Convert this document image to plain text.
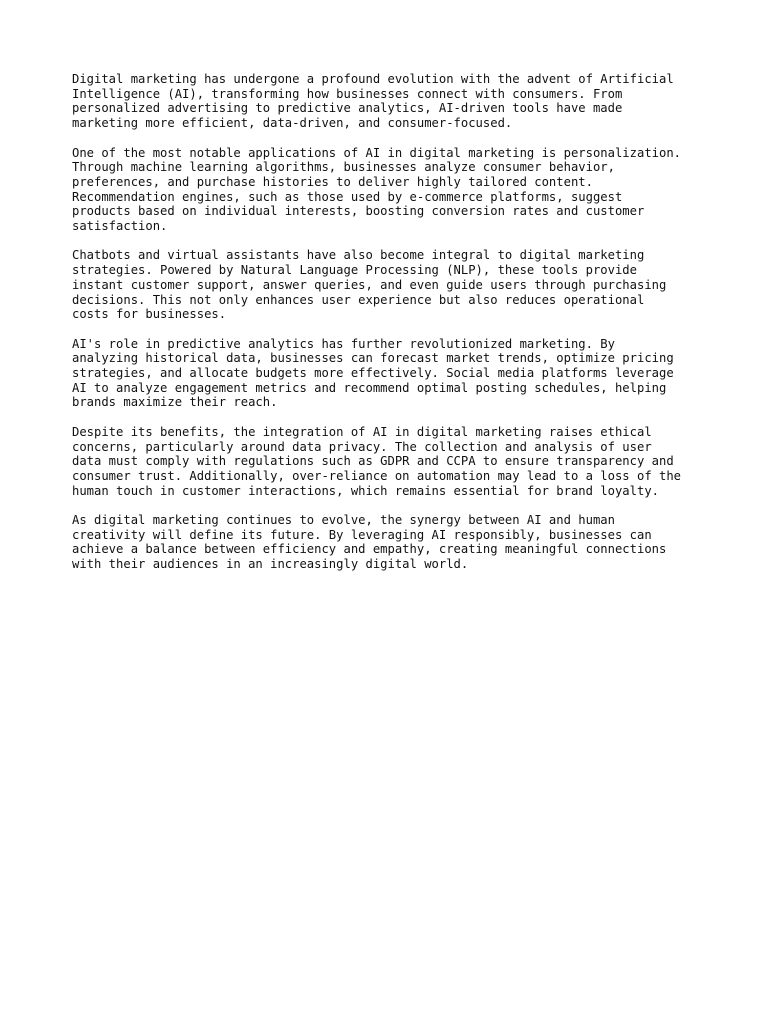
Digital marketing has undergone a profound evolution with the advent of Artificial
Intelligence (AI), transforming how businesses connect with consumers. From
personalized advertising to predictive analytics, AI-driven tools have made
marketing more efficient, data-driven, and consumer-focused.

One of the most notable applications of AI in digital marketing is personalization.
Through machine learning algorithms, businesses analyze consumer behavior,
preferences, and purchase histories to deliver highly tailored content.
Recommendation engines, such as those used by e-commerce platforms, suggest
products based on individual interests, boosting conversion rates and customer
satisfaction.

Chatbots and virtual assistants have also become integral to digital marketing
strategies. Powered by Natural Language Processing (NLP), these tools provide
instant customer support, answer queries, and even guide users through purchasing
decisions. This not only enhances user experience but also reduces operational
costs for businesses.

AI's role in predictive analytics has further revolutionized marketing. By
analyzing historical data, businesses can forecast market trends, optimize pricing
strategies, and allocate budgets more effectively. Social media platforms leverage
AI to analyze engagement metrics and recommend optimal posting schedules, helping
brands maximize their reach.

Despite its benefits, the integration of AI in digital marketing raises ethical
concerns, particularly around data privacy. The collection and analysis of user
data must comply with regulations such as GDPR and CCPA to ensure transparency and
consumer trust. Additionally, over-reliance on automation may lead to a loss of the
human touch in customer interactions, which remains essential for brand loyalty.

As digital marketing continues to evolve, the synergy between AI and human
creativity will define its future. By leveraging AI responsibly, businesses can
achieve a balance between efficiency and empathy, creating meaningful connections
with their audiences in an increasingly digital world.
